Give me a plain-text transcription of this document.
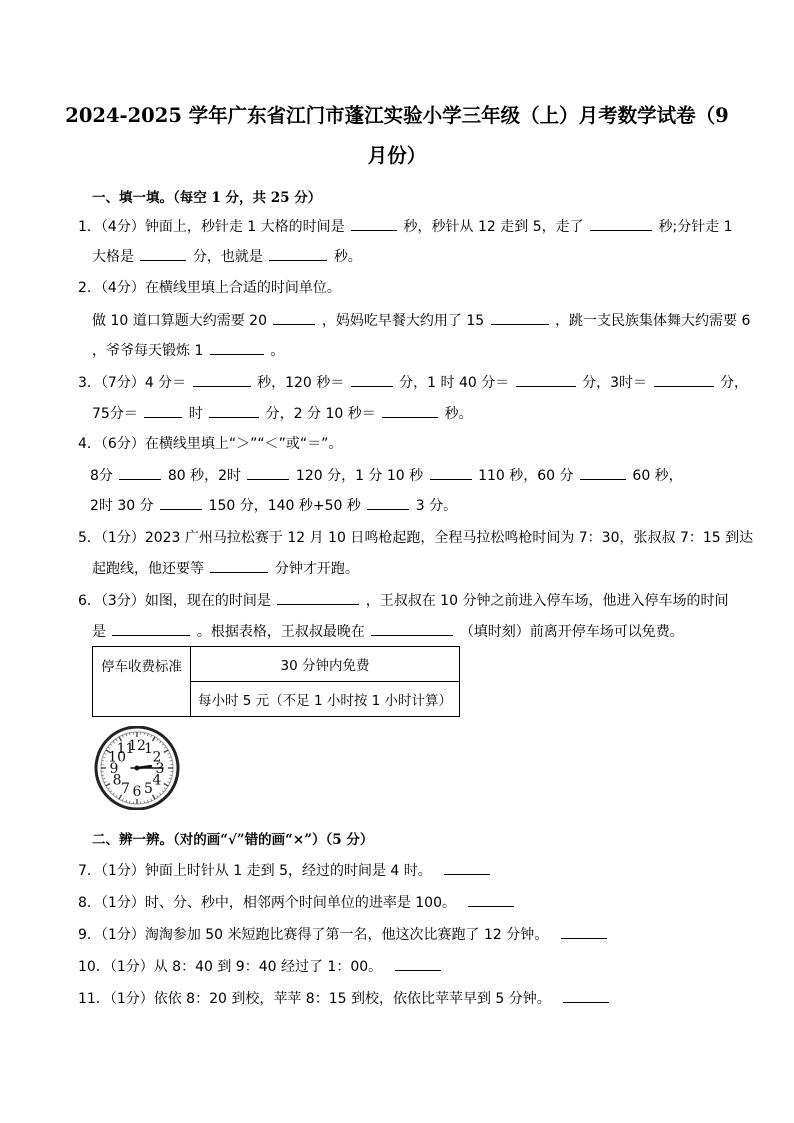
2024-2025 学年广东省江门市蓬江实验小学三年级（上）月考数学试卷（9
月份）
一、填一填。（每空 1 分，共 25 分）
1．（4分）钟面上，秒针走 1 大格的时间是	秒，秒针从 12 走到 5，走了	秒;分针走 1
大格是	分，也就是	秒。
2．（4分）在横线里填上合适的时间单位。
做 10 道口算题大约需要 20	，妈妈吃早餐大约用了 15	，跳一支民族集体舞大约需要 6
，爷爷每天锻炼 1	。
3．（7分）4 分＝	秒，120 秒＝	分，1 时 40 分＝	分，3时＝	分，
75分＝	时	分，2 分 10 秒＝	秒。
4．（6分）在横线里填上“＞”“＜”或“＝”。
8分	80 秒，2时	120 分，1 分 10 秒	110 秒，60 分	60 秒，
2时 30 分	150 分，140 秒+50 秒	3 分。
5．（1分）2023 广州马拉松赛于 12 月 10 日鸣枪起跑，全程马拉松鸣枪时间为 7：30，张叔叔 7：15 到达
起跑线，他还要等	分钟才开跑。
6．（3分）如图，现在的时间是	，王叔叔在 10 分钟之前进入停车场，他进入停车场的时间
是	。根据表格，王叔叔最晚在	（填时刻）前离开停车场可以免费。
停车收费标准	30 分钟内免费
每小时 5 元（不足 1 小时按 1 小时计算）
12
1
2
3
4
5
6
7
8
9
10
11
二、辨一辨。（对的画“√”错的画“×”）（5 分）
7．（1分）钟面上时针从 1 走到 5，经过的时间是 4 时。
8．（1分）时、分、秒中，相邻两个时间单位的进率是 100。
9．（1分）淘淘参加 50 米短跑比赛得了第一名，他这次比赛跑了 12 分钟。
10．（1分）从 8：40 到 9：40 经过了 1：00。
11．（1分）依依 8：20 到校，苹苹 8：15 到校，依依比苹苹早到 5 分钟。
